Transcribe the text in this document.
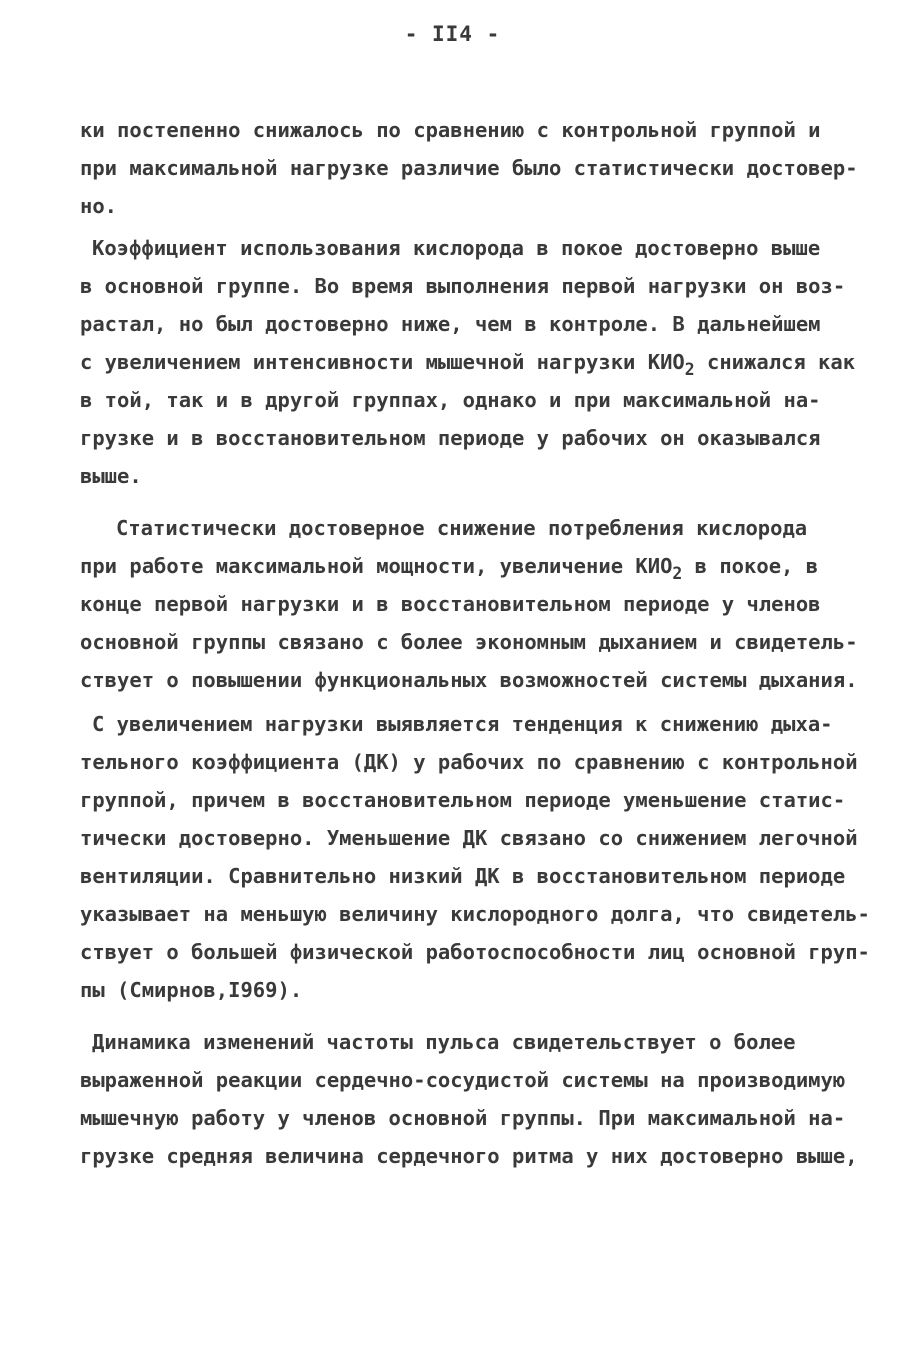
- II4 -
ки постепенно снижалось по сравнению с контрольной группой и
при максимальной нагрузке различие было статистически достовер-
но.
Коэффициент использования кислорода в покое достоверно выше
в основной группе. Во время выполнения первой нагрузки он воз-
растал, но был достоверно ниже, чем в контроле. В дальнейшем
с увеличением интенсивности мышечной нагрузки $КИО_2$ снижался как
в той, так и в другой группах, однако и при максимальной на-
грузке и в восстановительном периоде у рабочих он оказывался
выше.
Статистически достоверное снижение потребления кислорода
при работе максимальной мощности, увеличение $КИО_2$ в покое, в
конце первой нагрузки и в восстановительном периоде у членов
основной группы связано с более экономным дыханием и свидетель-
ствует о повышении функциональных возможностей системы дыхания.
С увеличением нагрузки выявляется тенденция к снижению дыха-
тельного коэффициента (ДК) у рабочих по сравнению с контрольной
группой, причем в восстановительном периоде уменьшение статис-
тически достоверно. Уменьшение ДК связано со снижением легочной
вентиляции. Сравнительно низкий ДК в восстановительном периоде
указывает на меньшую величину кислородного долга, что свидетель-
ствует о большей физической работоспособности лиц основной груп-
пы (Смирнов,I969).
Динамика изменений частоты пульса свидетельствует о более
выраженной реакции сердечно-сосудистой системы на производимую
мышечную работу у членов основной группы. При максимальной на-
грузке средняя величина сердечного ритма у них достоверно выше,
